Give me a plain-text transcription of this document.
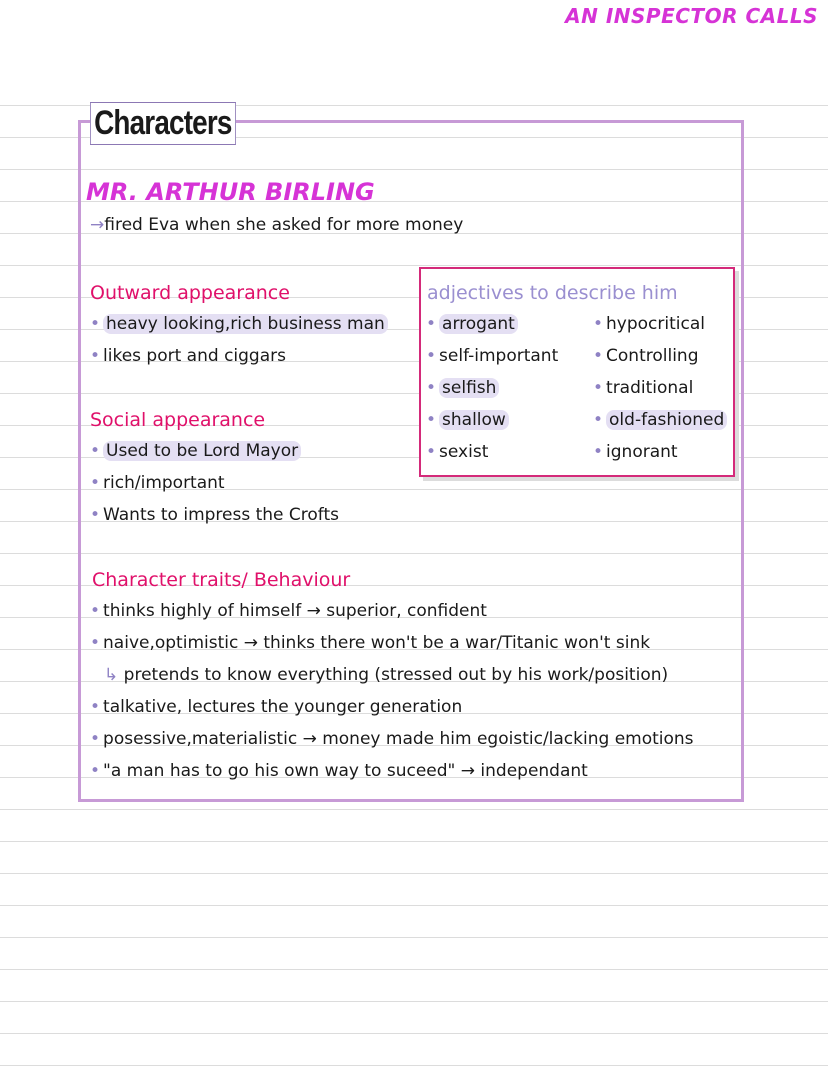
AN INSPECTOR CALLS
Characters
MR. ARTHUR BIRLING
→fired Eva when she asked for more money
Outward appearance
• heavy looking,rich business man
• likes port and ciggars
Social appearance
• Used to be Lord Mayor
• rich/important
• Wants to impress the Crofts
adjectives to describe him
• arrogant
• self-important
• selfish
• shallow
• sexist
• hypocritical
• Controlling
• traditional
• old-fashioned
• ignorant
Character traits/ Behaviour
• thinks highly of himself → superior, confident
• naive,optimistic → thinks there won't be a war/Titanic won't sink
↳ pretends to know everything (stressed out by his work/position)
• talkative, lectures the younger generation
• posessive,materialistic → money made him egoistic/lacking emotions
• "a man has to go his own way to suceed" → independant
